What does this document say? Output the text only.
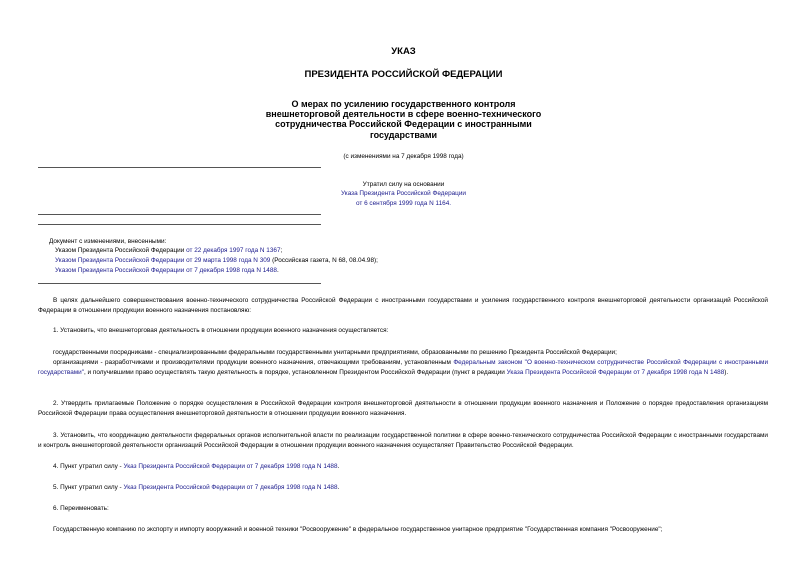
УКАЗ
ПРЕЗИДЕНТА РОССИЙСКОЙ ФЕДЕРАЦИИ
О мерах по усилению государственного контроля
внешнеторговой деятельности в сфере военно-технического
сотрудничества Российской Федерации с иностранными
государствами
(с изменениями на 7 декабря 1998 года)
Утратил силу на основании
Указа Президента Российской Федерации
от 6 сентября 1999 года N 1164.
Документ с изменениями, внесенными:
Указом Президента Российской Федерации от 22 декабря 1997 года N 1367;
Указом Президента Российской Федерации от 29 марта 1998 года N 309 (Российская газета, N 68, 08.04.98);
Указом Президента Российской Федерации от 7 декабря 1998 года N 1488.
В целях дальнейшего совершенствования военно-технического сотрудничества Российской Федерации с иностранными государствами и усиления государственного контроля внешнеторговой деятельности организаций Российской Федерации в отношении продукции военного назначения постановляю:
1. Установить, что внешнеторговая деятельность в отношении продукции военного назначения осуществляется:
государственными посредниками - специализированными федеральными государственными унитарными предприятиями, образованными по решению Президента Российской Федерации;
организациями - разработчиками и производителями продукции военного назначения, отвечающими требованиям, установленным Федеральным законом "О военно-техническом сотрудничестве Российской Федерации с иностранными государствами", и получившими право осуществлять такую деятельность в порядке, установленном Президентом Российской Федерации (пункт в редакции Указа Президента Российской Федерации от 7 декабря 1998 года N 1488).
2. Утвердить прилагаемые Положение о порядке осуществления в Российской Федерации контроля внешнеторговой деятельности в отношении продукции военного назначения и Положение о порядке предоставления организациям Российской Федерации права осуществления внешнеторговой деятельности в отношении продукции военного назначения.
3. Установить, что координацию деятельности федеральных органов исполнительной власти по реализации государственной политики в сфере военно-технического сотрудничества Российской Федерации с иностранными государствами и контроль внешнеторговой деятельности организаций Российской Федерации в отношении продукции военного назначения осуществляет Правительство Российской Федерации.
4. Пункт утратил силу - Указ Президента Российской Федерации от 7 декабря 1998 года N 1488.
5. Пункт утратил силу - Указ Президента Российской Федерации от 7 декабря 1998 года N 1488.
6. Переименовать:
Государственную компанию по экспорту и импорту вооружений и военной техники "Росвооружение" в федеральное государственное унитарное предприятие "Государственная компания "Росвооружение";
